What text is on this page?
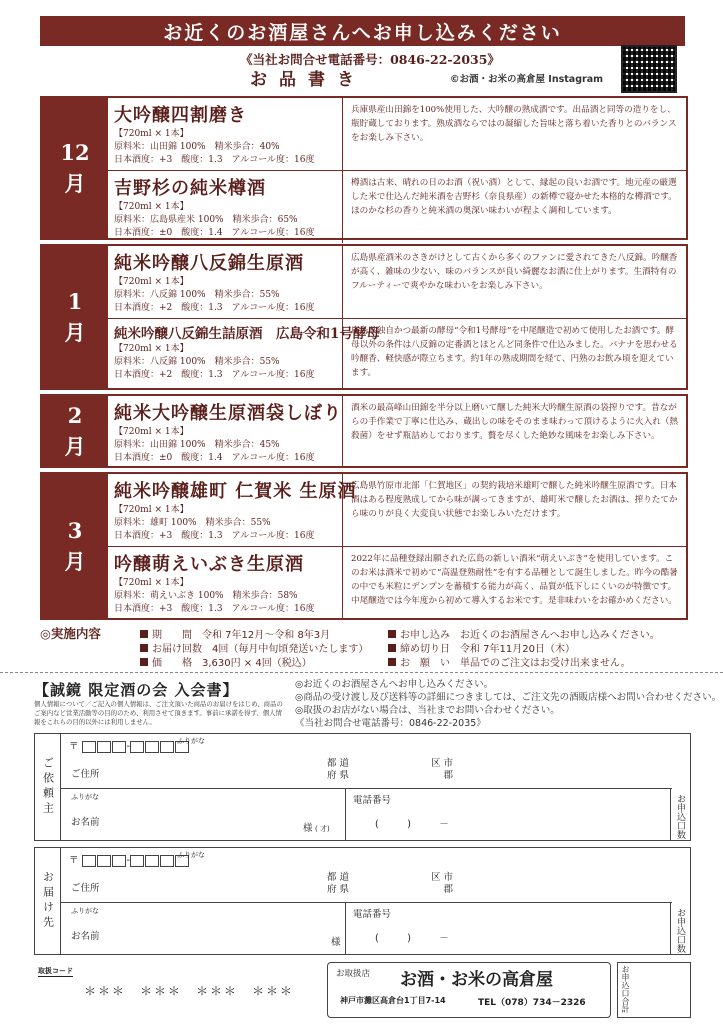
お近くのお酒屋さんへお申し込みください
《当社お問合せ電話番号：0846-22-2035》
お品書き	©お酒・お米の高倉屋 Instagram
12
月
大吟醸四割磨き
【720ml × 1本】
原料米：山田錦 100%　精米歩合：40%
日本酒度：+3　酸度：1.3　アルコール度：16度
兵庫県産山田錦を100%使用した、大吟醸の熟成酒です。出品酒と同等の造りをし、瓶貯蔵しております。熟成酒ならではの凝縮した旨味と落ち着いた香りとのバランスをお楽しみ下さい。
吉野杉の純米樽酒
【720ml × 1本】
原料米：広島県産米 100%　精米歩合：65%
日本酒度：±0　酸度：1.4　アルコール度：16度
樽酒は古来、晴れの日のお酒（祝い酒）として、縁起の良いお酒です。地元産の厳選した米で仕込んだ純米酒を吉野杉（奈良県産）の新樽で寝かせた本格的な樽酒です。ほのかな杉の香りと純米酒の奥深い味わいが程よく調和しています。
1
月
純米吟醸八反錦生原酒
【720ml × 1本】
原料米：八反錦 100%　精米歩合：55%
日本酒度：+2　酸度：1.3　アルコール度：16度
広島県産酒米のさきがけとして古くから多くのファンに愛されてきた八反錦。吟醸香が高く、雑味の少ない、味のバランスが良い綺麗なお酒に仕上がります。生酒特有のフルーティーで爽やかな味わいをお楽しみ下さい。
純米吟醸八反錦生詰原酒　広島令和1号酵母
【720ml × 1本】
原料米：八反錦 100%　精米歩合：55%
日本酒度：+2　酸度：1.3　アルコール度：16度
広島県独自かつ最新の酵母“令和1号酵母”を中尾醸造で初めて使用したお酒です。酵母以外の条件は八反錦の定番酒とほとんど同条件で仕込みました。バナナを思わせる吟醸香、軽快感が際立ちます。約1年の熟成期間を経て、円熟のお飲み頃を迎えています。
2
月
純米大吟醸生原酒袋しぼり
【720ml × 1本】
原料米：山田錦 100%　精米歩合：45%
日本酒度：±0　酸度：1.4　アルコール度：16度
酒米の最高峰山田錦を半分以上磨いて醸した純米大吟醸生原酒の袋搾りです。昔ながらの手作業で丁寧に仕込み、蔵出しの味をそのまま味わって頂けるように火入れ（熱殺菌）をせず瓶詰めしております。贅を尽くした絶妙な風味をお楽しみ下さい。
3
月
純米吟醸雄町 仁賀米 生原酒
【720ml × 1本】
原料米：雄町 100%　精米歩合：55%
日本酒度：+3　酸度：1.3　アルコール度：16度
広島県竹原市北部「仁賀地区」の契約栽培米雄町で醸した純米吟醸生原酒です。日本酒はある程度熟成してから味が調ってきますが、雄町米で醸したお酒は、搾りたてから味のりが良く大変良い状態でお楽しみいただけます。
吟醸萌えいぶき生原酒
【720ml × 1本】
原料米：萌えいぶき 100%　精米歩合：58%
日本酒度：+3　酸度：1.3　アルコール度：16度
2022年に品種登録出願された広島の新しい酒米“萌えいぶき”を使用しています。このお米は酒米で初めて“高温登熟耐性”を有する品種として誕生しました。昨今の酷暑の中でも米粒にデンプンを蓄積する能力が高く、品質が低下しにくいのが特徴です。中尾醸造では今年度から初めて導入するお米です。是非味わいをお確かめください。
◎実施内容	期　　間　 令和 7年12月～令和 8年3月
お届け回数　 4回（毎月中旬頃発送いたします）
価　　格　 3,630円 × 4回（税込）
お申し込み　 お近くのお酒屋さんへお申し込みください。
締め切り日　 令和 7年11月20日（木）
お　願　い　 単品でのご注文はお受け出来ません。
【誠鏡 限定酒の会 入会書】
個人情報について／ご記入の個人情報は、ご注文頂いた商品のお届けをはじめ、商品のご案内など営業活動等の目的のため、利用させて頂きます。事前に承諾を得ず、個人情報をこれらの目的以外には利用しません。
◎お近くのお酒屋さんへお申し込みください。
◎商品の受け渡し及び送料等の詳細につきましては、ご注文先の酒販店様へお問い合わせください。
◎取扱のお店がない場合は、当社までお問い合わせください。
《当社お問合せ電話番号：0846-22-2035》
ご依頼主
〒	-	ふりがな
ご住所
都 道
府 県
区 市
　 郡
ふりがな
お名前
様 ( 才)
電話番号
(　　　)　　　－	お申込口数
お届け先
〒	-	ふりがな
ご住所
都 道
府 県
区 市
　 郡
ふりがな
お名前
様
電話番号
(　　　)　　　－	お申込口数
取扱コード
＊＊＊　＊＊＊　＊＊＊　＊＊＊
お取扱店 お酒・お米の高倉屋
神戸市灘区高倉台1丁目7-14	TEL（078）734－2326	お申込口合計
